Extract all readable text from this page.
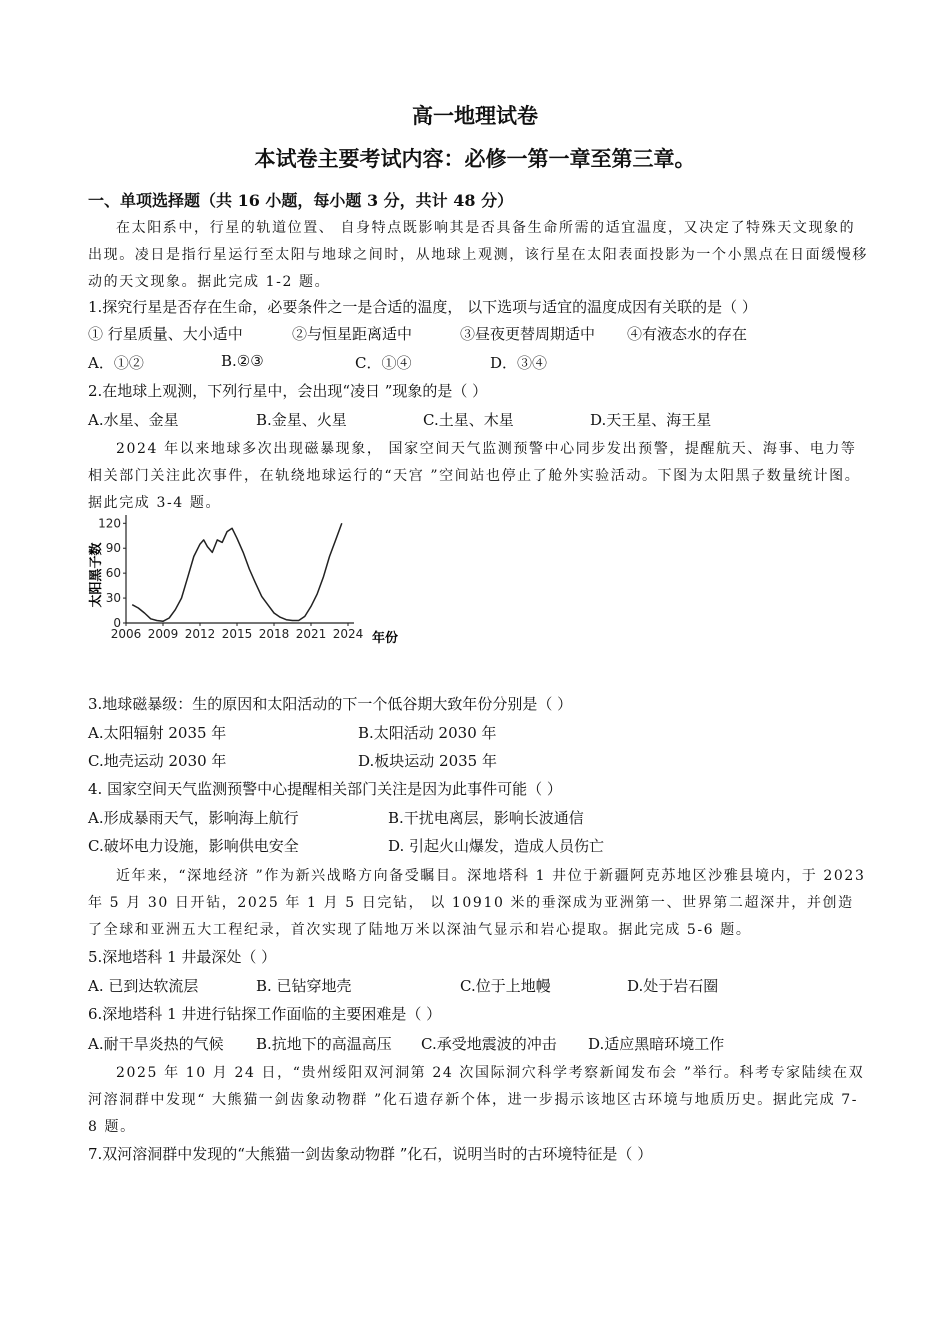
高一地理试卷
本试卷主要考试内容：必修一第一章至第三章。
一、单项选择题（共 16 小题，每小题 3 分，共计 48 分）
在太阳系中，行星的轨道位置、 自身特点既影响其是否具备生命所需的适宜温度，又决定了特殊天文现象的出现。凌日是指行星运行至太阳与地球之间时，从地球上观测，该行星在太阳表面投影为一个小黑点在日面缓慢移动的天文现象。据此完成 1-2 题。
1.探究行星是否存在生命，必要条件之一是合适的温度， 以下选项与适宜的温度成因有关联的是（ ）
① 行星质量、大小适中	②与恒星距离适中	③昼夜更替周期适中 ④有液态水的存在
A．①②	B.②③	C．①④	D．③④
2.在地球上观测，下列行星中，会出现“凌日 ”现象的是（ ）
A.水星、金星	B.金星、火星	C.土星、木星	D.天王星、海王星
2024 年以来地球多次出现磁暴现象， 国家空间天气监测预警中心同步发出预警，提醒航天、海事、电力等相关部门关注此次事件，在轨绕地球运行的“天宫 ”空间站也停止了舱外实验活动。下图为太阳黑子数量统计图。据此完成 3-4 题。
2006 2009 2012 2015 2018 2021 2024
0
30
60
90
120
太阳黑子数
年份
3.地球磁暴级：生的原因和太阳活动的下一个低谷期大致年份分别是（ ）
A.太阳辐射 2035 年	B.太阳活动 2030 年
C.地壳运动 2030 年	D.板块运动 2035 年
4. 国家空间天气监测预警中心提醒相关部门关注是因为此事件可能（ ）
A.形成暴雨天气，影响海上航行	B.干扰电离层，影响长波通信
C.破坏电力设施，影响供电安全	D. 引起火山爆发，造成人员伤亡
近年来，“深地经济 ”作为新兴战略方向备受瞩目。深地塔科 1 井位于新疆阿克苏地区沙雅县境内，于 2023 年 5 月 30 日开钻，2025 年 1 月 5 日完钻， 以 10910 米的垂深成为亚洲第一、世界第二超深井，并创造了全球和亚洲五大工程纪录，首次实现了陆地万米以深油气显示和岩心提取。据此完成 5-6 题。
5.深地塔科 1 井最深处（ ）
A. 已到达软流层	B. 已钻穿地壳	C.位于上地幔	D.处于岩石圈
6.深地塔科 1 井进行钻探工作面临的主要困难是（ ）
A.耐干旱炎热的气候 B.抗地下的高温高压 C.承受地震波的冲击 D.适应黑暗环境工作
2025 年 10 月 24 日，“贵州绥阳双河洞第 24 次国际洞穴科学考察新闻发布会 ”举行。科考专家陆续在双河溶洞群中发现“ 大熊猫一剑齿象动物群 ”化石遗存新个体，进一步揭示该地区古环境与地质历史。据此完成 7-8 题。
7.双河溶洞群中发现的“大熊猫一剑齿象动物群 ”化石，说明当时的古环境特征是（ ）
